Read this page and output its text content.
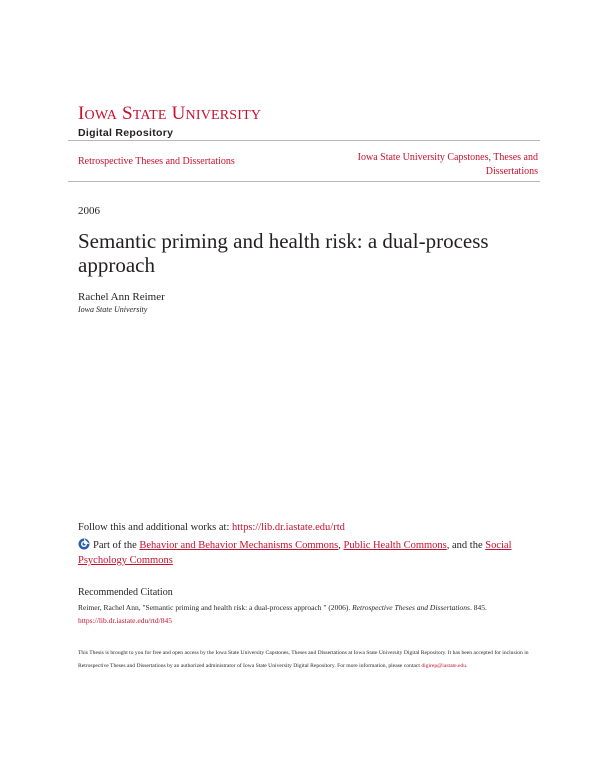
IOWA STATE UNIVERSITY
Digital Repository
Retrospective Theses and Dissertations	Iowa State University Capstones, Theses and Dissertations
2006
Semantic priming and health risk: a dual-process approach
Rachel Ann Reimer
Iowa State University
Follow this and additional works at: https://lib.dr.iastate.edu/rtd
Part of the Behavior and Behavior Mechanisms Commons, Public Health Commons, and the Social Psychology Commons
Recommended Citation
Reimer, Rachel Ann, "Semantic priming and health risk: a dual-process approach " (2006). Retrospective Theses and Dissertations. 845.
https://lib.dr.iastate.edu/rtd/845
This Thesis is brought to you for free and open access by the Iowa State University Capstones, Theses and Dissertations at Iowa State University Digital Repository. It has been accepted for inclusion in Retrospective Theses and Dissertations by an authorized administrator of Iowa State University Digital Repository. For more information, please contact digirep@iastate.edu.
